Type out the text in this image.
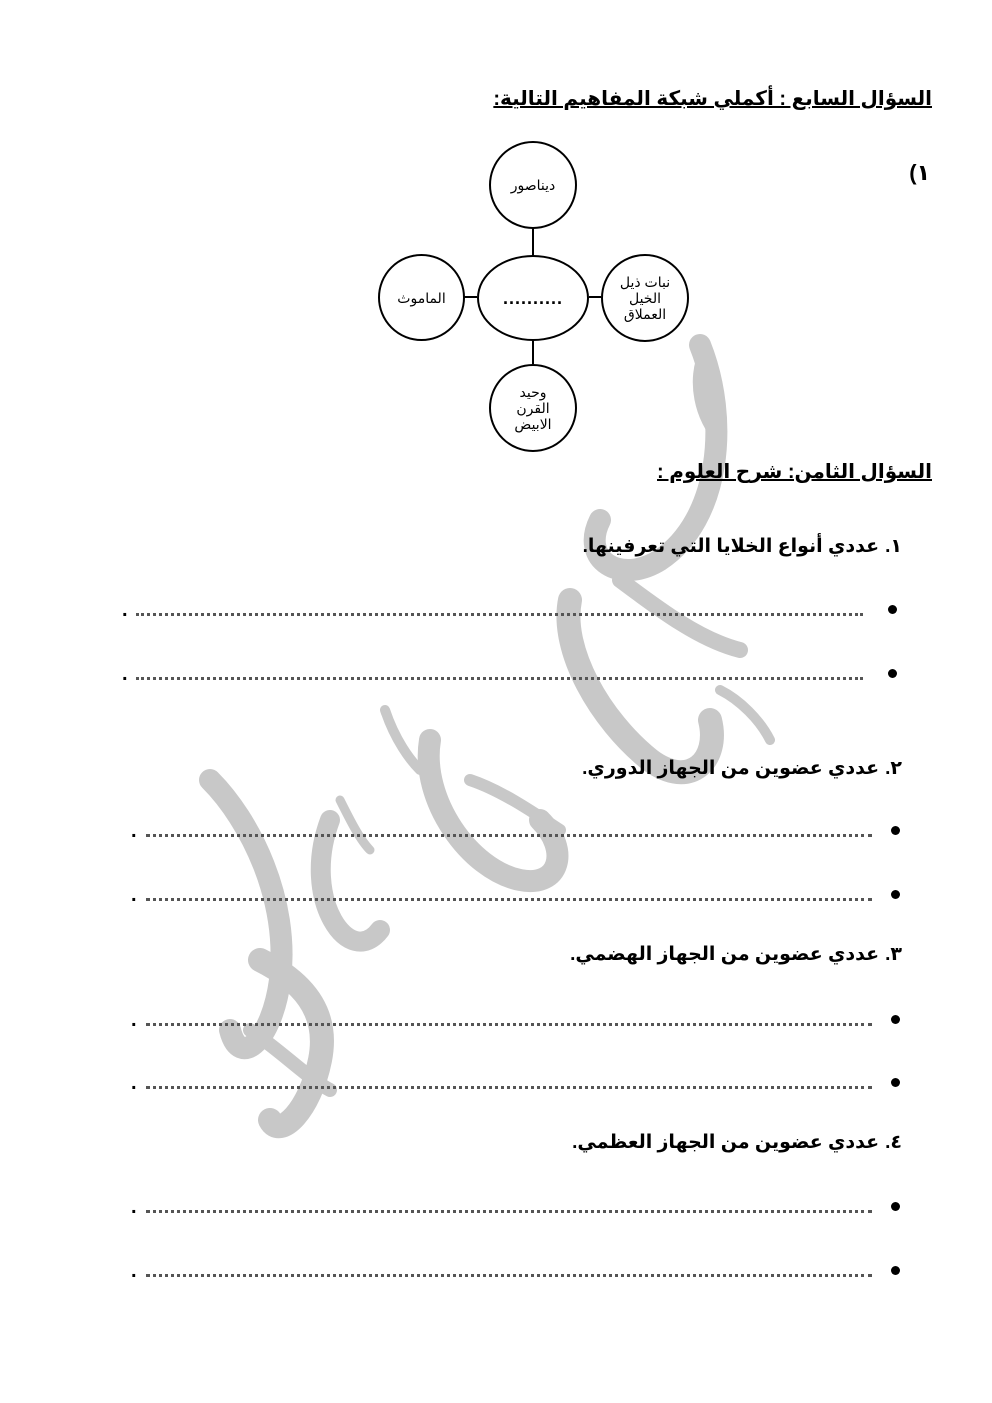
السؤال السابع : أكملي شبكة المفاهيم التالية:
١)
..........
ديناصور
الماموث
نبات ذيل
الخيل
العملاق
وحيد
القرن
الابيض
السؤال الثامن: شرح العلوم :
١.عددي أنواع الخلايا التي تعرفينها.
.
.
٢.عددي عضوين من الجهاز الدوري.
.
.
٣.عددي عضوين من الجهاز الهضمي.
.
.
٤.عددي عضوين من الجهاز العظمي.
.
.
